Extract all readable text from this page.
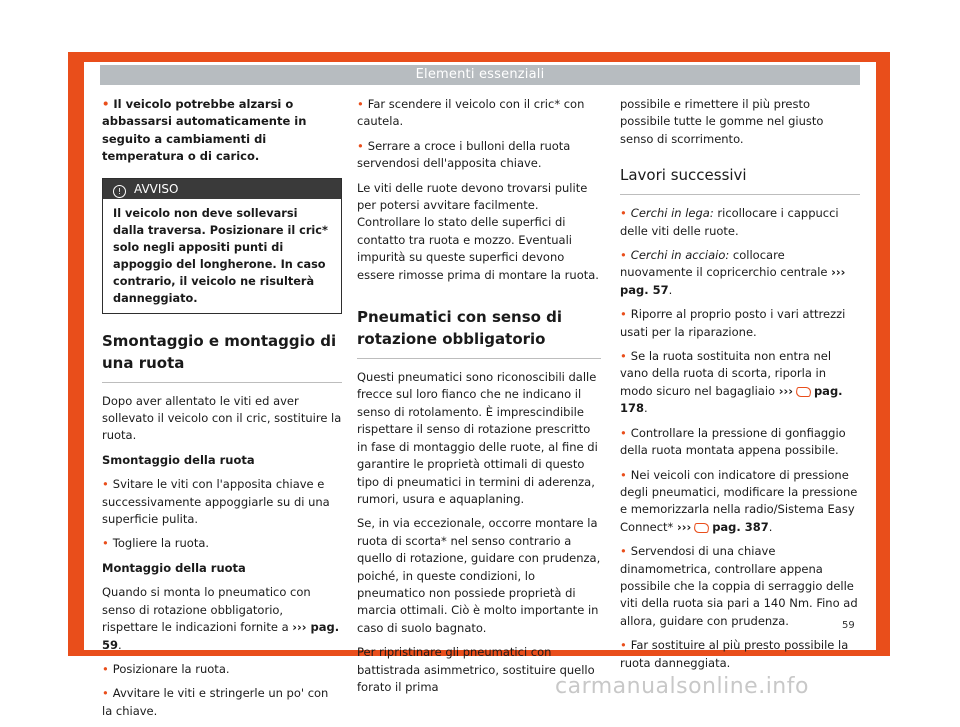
Elementi essenziali

• Il veicolo potrebbe alzarsi o abbassarsi automaticamente in seguito a cambiamenti di temperatura o di carico.

! AVVISO
Il veicolo non deve sollevarsi dalla traversa. Posizionare il cric* solo negli appositi punti di appoggio del longherone. In caso contrario, il veicolo ne risulterà danneggiato.
Smontaggio e montaggio di una ruota

Dopo aver allentato le viti ed aver sollevato il veicolo con il cric, sostituire la ruota.

Smontaggio della ruota

• Svitare le viti con l'apposita chiave e successivamente appoggiarle su di una superficie pulita.

• Togliere la ruota.

Montaggio della ruota

Quando si monta lo pneumatico con senso di rotazione obbligatorio, rispettare le indicazioni fornite a ››› pag. 59.

• Posizionare la ruota.

• Avvitare le viti e stringerle un po' con la chiave.

• Far scendere il veicolo con il cric* con cautela.

• Serrare a croce i bulloni della ruota servendosi dell'apposita chiave.

Le viti delle ruote devono trovarsi pulite per potersi avvitare facilmente. Controllare lo stato delle superfici di contatto tra ruota e mozzo. Eventuali impurità su queste superfici devono essere rimosse prima di montare la ruota.

Pneumatici con senso di rotazione obbligatorio

Questi pneumatici sono riconoscibili dalle frecce sul loro fianco che ne indicano il senso di rotolamento. È imprescindibile rispettare il senso di rotazione prescritto in fase di montaggio delle ruote, al fine di garantire le proprietà ottimali di questo tipo di pneumatici in termini di aderenza, rumori, usura e aquaplaning.

Se, in via eccezionale, occorre montare la ruota di scorta* nel senso contrario a quello di rotazione, guidare con prudenza, poiché, in queste condizioni, lo pneumatico non possiede proprietà di marcia ottimali. Ciò è molto importante in caso di suolo bagnato.

Per ripristinare gli pneumatici con battistrada asimmetrico, sostituire quello forato il prima

possibile e rimettere il più presto possibile tutte le gomme nel giusto senso di scorrimento.

Lavori successivi

• Cerchi in lega: ricollocare i cappucci delle viti delle ruote.

• Cerchi in acciaio: collocare nuovamente il copricerchio centrale ››› pag. 57.

• Riporre al proprio posto i vari attrezzi usati per la riparazione.

• Se la ruota sostituita non entra nel vano della ruota di scorta, riporla in modo sicuro nel bagagliaio ››› pag. 178.

• Controllare la pressione di gonfiaggio della ruota montata appena possibile.

• Nei veicoli con indicatore di pressione degli pneumatici, modificare la pressione e memorizzarla nella radio/Sistema Easy Connect* ››› pag. 387.

• Servendosi di una chiave dinamometrica, controllare appena possibile che la coppia di serraggio delle viti della ruota sia pari a 140 Nm. Fino ad allora, guidare con prudenza.

• Far sostituire al più presto possibile la ruota danneggiata.

59
carmanualsonline.info
